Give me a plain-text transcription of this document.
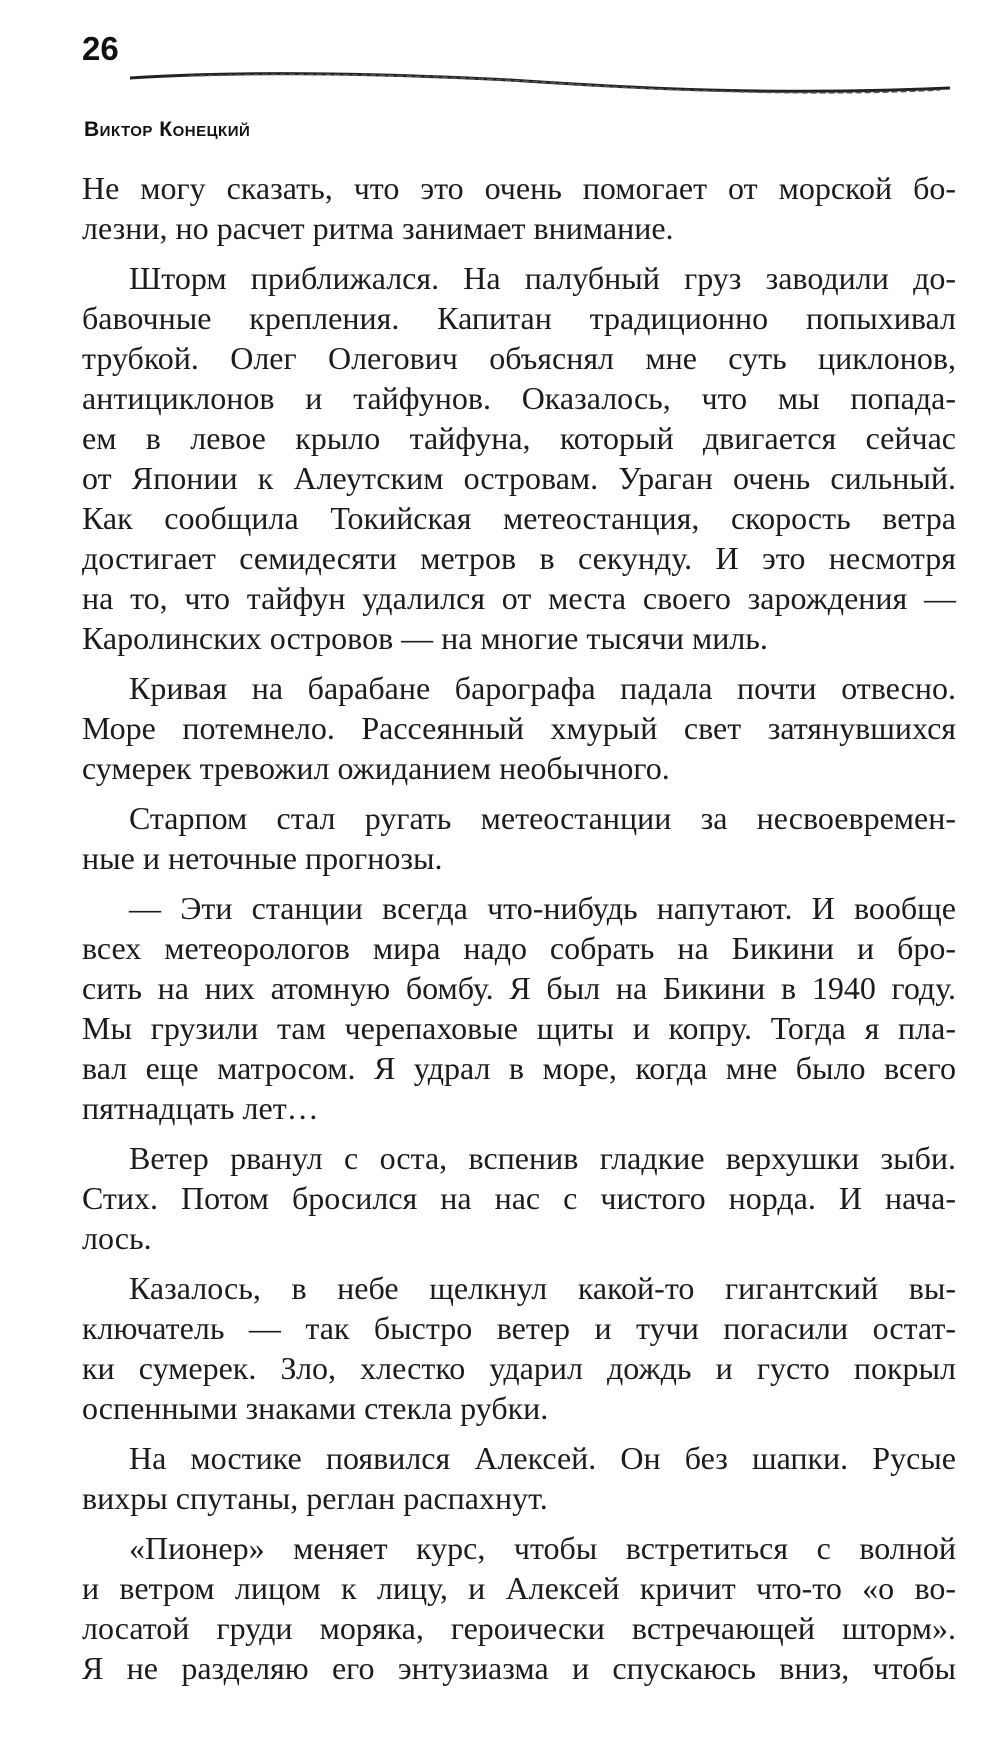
26
Виктор Конецкий
Не могу сказать, что это очень помогает от морской бо-
лезни, но расчет ритма занимает внимание.
Шторм приближался. На палубный груз заводили до-
бавочные крепления. Капитан традиционно попыхивал
трубкой. Олег Олегович объяснял мне суть циклонов,
антициклонов и тайфунов. Оказалось, что мы попада-
ем в левое крыло тайфуна, который двигается сейчас
от Японии к Алеутским островам. Ураган очень сильный.
Как сообщила Токийская метеостанция, скорость ветра
достигает семидесяти метров в секунду. И это несмотря
на то, что тайфун удалился от места своего зарождения —
Каролинских островов — на многие тысячи миль.
Кривая на барабане барографа падала почти отвесно.
Море потемнело. Рассеянный хмурый свет затянувшихся
сумерек тревожил ожиданием необычного.
Старпом стал ругать метеостанции за несвоевремен-
ные и неточные прогнозы.
— Эти станции всегда что-нибудь напутают. И вообще
всех метеорологов мира надо собрать на Бикини и бро-
сить на них атомную бомбу. Я был на Бикини в 1940 году.
Мы грузили там черепаховые щиты и копру. Тогда я пла-
вал еще матросом. Я удрал в море, когда мне было всего
пятнадцать лет…
Ветер рванул с оста, вспенив гладкие верхушки зыби.
Стих. Потом бросился на нас с чистого норда. И нача-
лось.
Казалось, в небе щелкнул какой-то гигантский вы-
ключатель — так быстро ветер и тучи погасили остат-
ки сумерек. Зло, хлестко ударил дождь и густо покрыл
оспенными знаками стекла рубки.
На мостике появился Алексей. Он без шапки. Русые
вихры спутаны, реглан распахнут.
«Пионер» меняет курс, чтобы встретиться с волной
и ветром лицом к лицу, и Алексей кричит что-то «о во-
лосатой груди моряка, героически встречающей шторм».
Я не разделяю его энтузиазма и спускаюсь вниз, чтобы
